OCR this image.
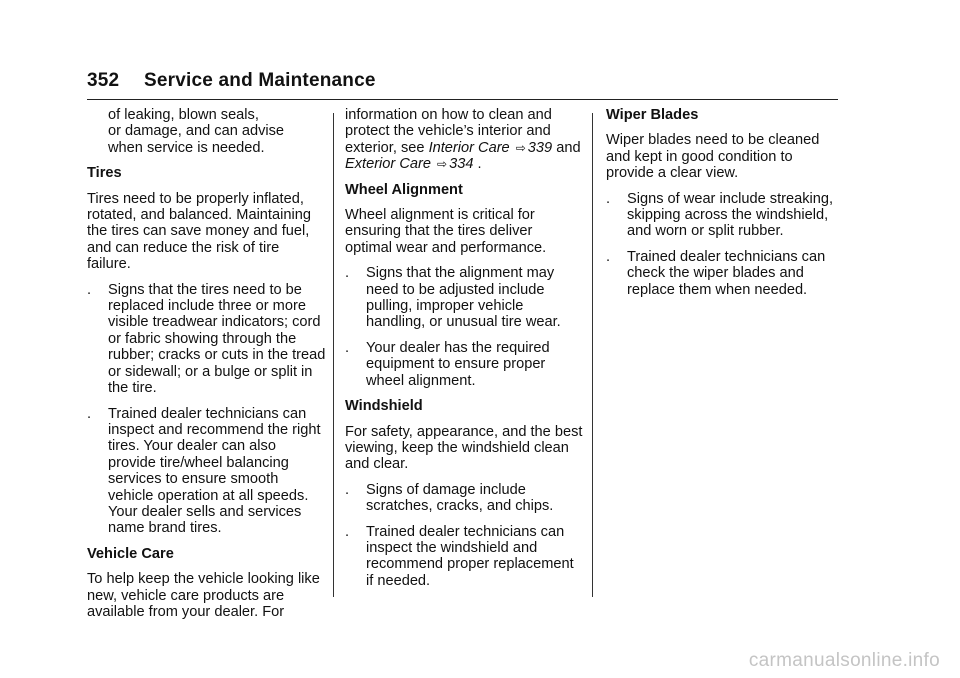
352 Service and Maintenance
of leaking, blown seals,
or damage, and can advise
when service is needed.
Tires

Tires need to be properly inflated, rotated, and balanced. Maintaining the tires can save money and fuel, and can reduce the risk of tire failure.

. Signs that the tires need to be replaced include three or more visible treadwear indicators; cord or fabric showing through the rubber; cracks or cuts in the tread or sidewall; or a bulge or split in the tire.
. Trained dealer technicians can inspect and recommend the right tires. Your dealer can also provide tire/wheel balancing services to ensure smooth vehicle operation at all speeds. Your dealer sells and services name brand tires.
Vehicle Care

To help keep the vehicle looking like new, vehicle care products are available from your dealer. For

information on how to clean and protect the vehicle’s interior and exterior, see Interior Care ⇨ 339 and Exterior Care ⇨ 334 .

Wheel Alignment

Wheel alignment is critical for ensuring that the tires deliver optimal wear and performance.

. Signs that the alignment may need to be adjusted include pulling, improper vehicle handling, or unusual tire wear.
. Your dealer has the required equipment to ensure proper wheel alignment.
Windshield

For safety, appearance, and the best viewing, keep the windshield clean and clear.

. Signs of damage include scratches, cracks, and chips.
. Trained dealer technicians can inspect the windshield and recommend proper replacement if needed.
Wiper Blades

Wiper blades need to be cleaned and kept in good condition to provide a clear view.

. Signs of wear include streaking, skipping across the windshield, and worn or split rubber.
. Trained dealer technicians can check the wiper blades and replace them when needed.
carmanualsonline.info
